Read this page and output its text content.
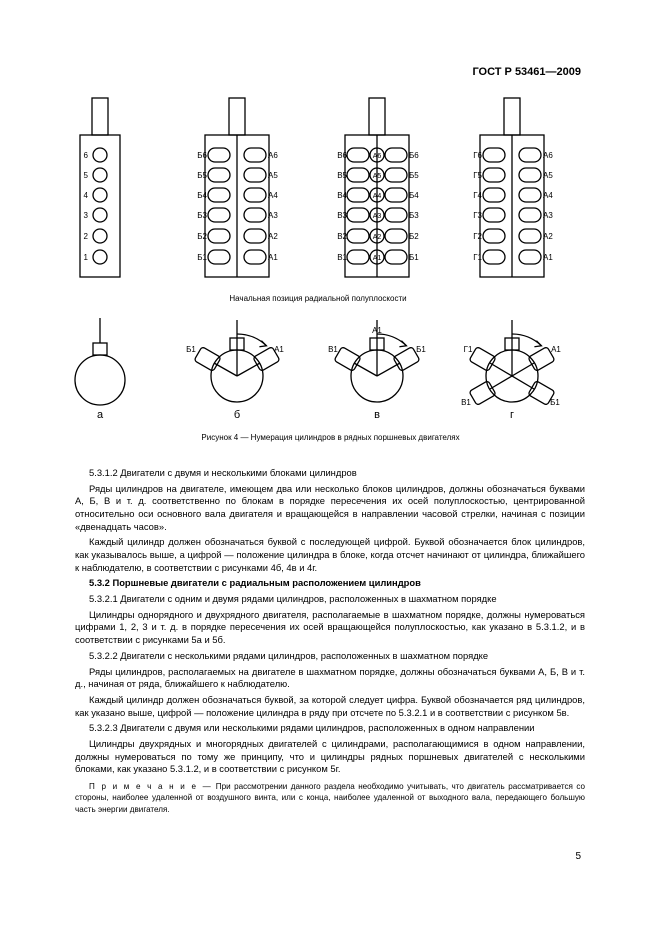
ГОСТ Р 53461—2009
6
5
4
3
2
1
Б6	А6
Б5	А5
Б4	А4
Б3	А3
Б2	А2
Б1	А1
В6	А6	Б6
В5	А5	Б5
В4	А4	Б4
В3	А3	Б3
В2	А2	Б2
В1	А1	Б1
Г6	А6
Г5	А5
Г4	А4
Г3	А3
Г2	А2
Г1	А1
Начальная позиция радиальной полуплоскости
а
Б1	А1
б
А1
В1	Б1
в
Г1	А1
В1	Б1
г
Рисунок 4 — Нумерация цилиндров в рядных поршневых двигателях

5.3.1.2 Двигатели с двумя и несколькими блоками цилиндров

Ряды цилиндров на двигателе, имеющем два или несколько блоков цилиндров, должны обозначаться буквами А, Б, В и т. д. соответственно по блокам в порядке пересечения их осей полуплоскостью, центрированной относительно оси основного вала двигателя и вращающейся в направлении часовой стрелки, начиная с позиции «двенадцать часов».

Каждый цилиндр должен обозначаться буквой с последующей цифрой. Буквой обозначается блок цилиндров, как указывалось выше, а цифрой — положение цилиндра в блоке, когда отсчет начинают от цилиндра, ближайшего к наблюдателю, в соответствии с рисунками 4б, 4в и 4г.

5.3.2 Поршневые двигатели с радиальным расположением цилиндров

5.3.2.1 Двигатели с одним и двумя рядами цилиндров, расположенных в шахматном порядке

Цилиндры однорядного и двухрядного двигателя, располагаемые в шахматном порядке, должны нумероваться цифрами 1, 2, 3 и т. д. в порядке пересечения их осей вращающейся полуплоскостью, как указано в 5.3.1.2, и в соответствии с рисунками 5а и 5б.

5.3.2.2 Двигатели с несколькими рядами цилиндров, расположенных в шахматном порядке

Ряды цилиндров, располагаемых на двигателе в шахматном порядке, должны обозначаться буквами А, Б, В и т. д., начиная от ряда, ближайшего к наблюдателю.

Каждый цилиндр должен обозначаться буквой, за которой следует цифра. Буквой обозначается ряд цилиндров, как указано выше, цифрой — положение цилиндра в ряду при отсчете по 5.3.2.1 и в соответствии с рисунком 5в.

5.3.2.3 Двигатели с двумя или несколькими рядами цилиндров, расположенных в одном направлении

Цилиндры двухрядных и многорядных двигателей с цилиндрами, располагающимися в одном направлении, должны нумероваться по тому же принципу, что и цилиндры рядных поршневых двигателей с несколькими блоками, как указано 5.3.1.2, и в соответствии с рисунком 5г.

П р и м е ч а н и е — При рассмотрении данного раздела необходимо учитывать, что двигатель рассматривается со стороны, наиболее удаленной от воздушного винта, или с конца, наиболее удаленной от выходного вала, передающего большую часть энергии двигателя.
5
